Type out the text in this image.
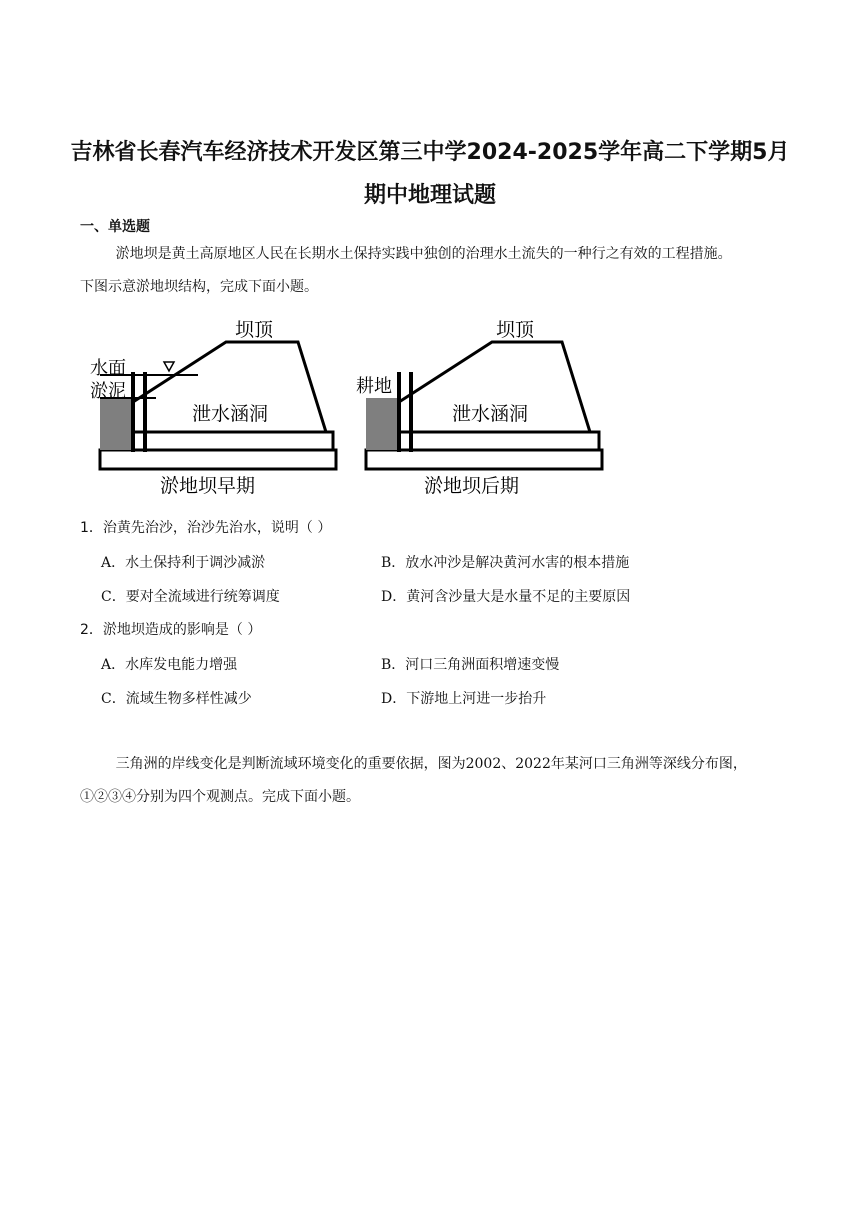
吉林省长春汽车经济技术开发区第三中学2024-2025学年高二下学期5月
期中地理试题
一、单选题

淤地坝是黄土高原地区人民在长期水土保持实践中独创的治理水土流失的一种行之有效的工程措施。
下图示意淤地坝结构，完成下面小题。

水面
淤泥
坝顶
泄水涵洞
淤地坝早期
耕地
坝顶
泄水涵洞
淤地坝后期

1．治黄先治沙，治沙先治水，说明（ ）

A．水土保持利于调沙减淤	B．放水冲沙是解决黄河水害的根本措施
C．要对全流域进行统筹调度	D．黄河含沙量大是水量不足的主要原因

2．淤地坝造成的影响是（ ）

A．水库发电能力增强	B．河口三角洲面积增速变慢
C．流域生物多样性减少	D．下游地上河进一步抬升

三角洲的岸线变化是判断流域环境变化的重要依据，图为2002、2022年某河口三角洲等深线分布图，
①②③④分别为四个观测点。完成下面小题。
